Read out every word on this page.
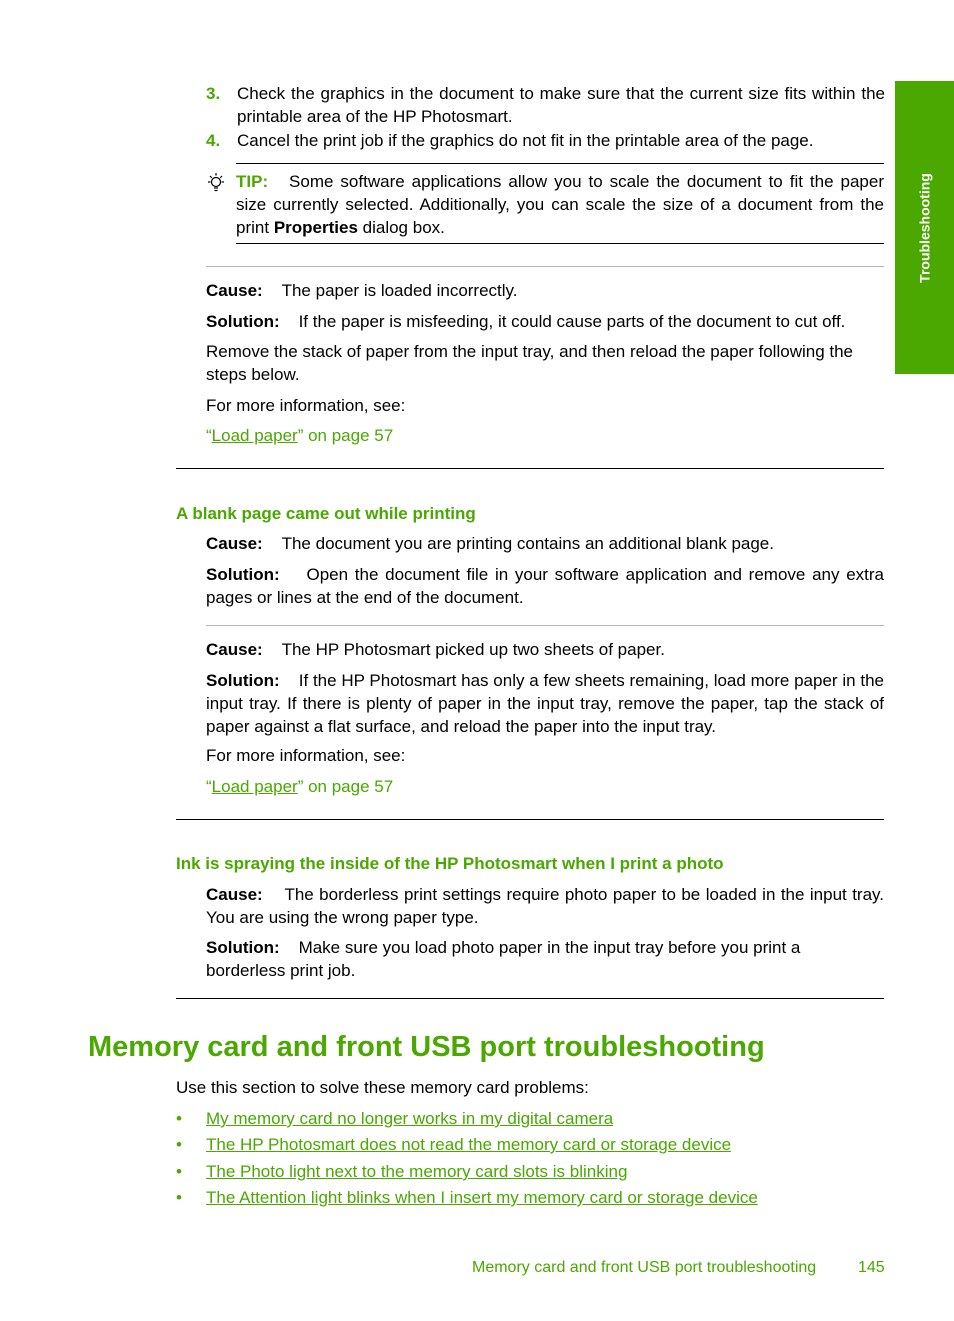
Troubleshooting
3. Check the graphics in the document to make sure that the current size fits within the printable area of the HP Photosmart.
4. Cancel the print job if the graphics do not fit in the printable area of the page.
TIP: Some software applications allow you to scale the document to fit the paper size currently selected. Additionally, you can scale the size of a document from the print Properties dialog box.
Cause: The paper is loaded incorrectly.
Solution: If the paper is misfeeding, it could cause parts of the document to cut off.
Remove the stack of paper from the input tray, and then reload the paper following the steps below.
For more information, see:
“Load paper” on page 57
A blank page came out while printing
Cause: The document you are printing contains an additional blank page.
Solution: Open the document file in your software application and remove any extra pages or lines at the end of the document.
Cause: The HP Photosmart picked up two sheets of paper.
Solution: If the HP Photosmart has only a few sheets remaining, load more paper in the input tray. If there is plenty of paper in the input tray, remove the paper, tap the stack of paper against a flat surface, and reload the paper into the input tray.
For more information, see:
“Load paper” on page 57
Ink is spraying the inside of the HP Photosmart when I print a photo
Cause: The borderless print settings require photo paper to be loaded in the input tray. You are using the wrong paper type.
Solution: Make sure you load photo paper in the input tray before you print a borderless print job.
Memory card and front USB port troubleshooting
Use this section to solve these memory card problems:
• My memory card no longer works in my digital camera
• The HP Photosmart does not read the memory card or storage device
• The Photo light next to the memory card slots is blinking
• The Attention light blinks when I insert my memory card or storage device
Memory card and front USB port troubleshooting	145
